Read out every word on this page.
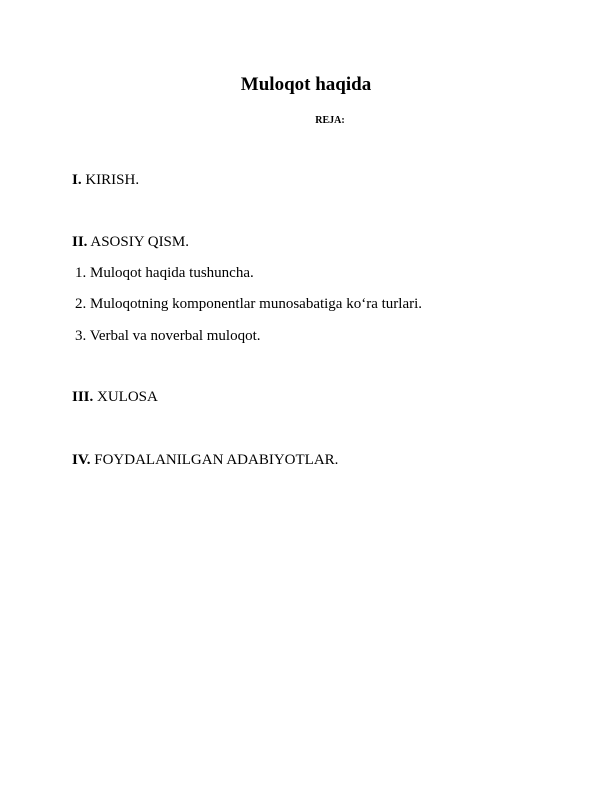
Muloqot haqida
REJA:
I. KIRISH.
II. ASOSIY QISM.
1. Muloqot haqida tushuncha.
2. Muloqotning komponentlar munosabatiga ko‘ra turlari.
3. Verbal va noverbal muloqot.
III. XULOSA
IV. FOYDALANILGAN ADABIYOTLAR.
